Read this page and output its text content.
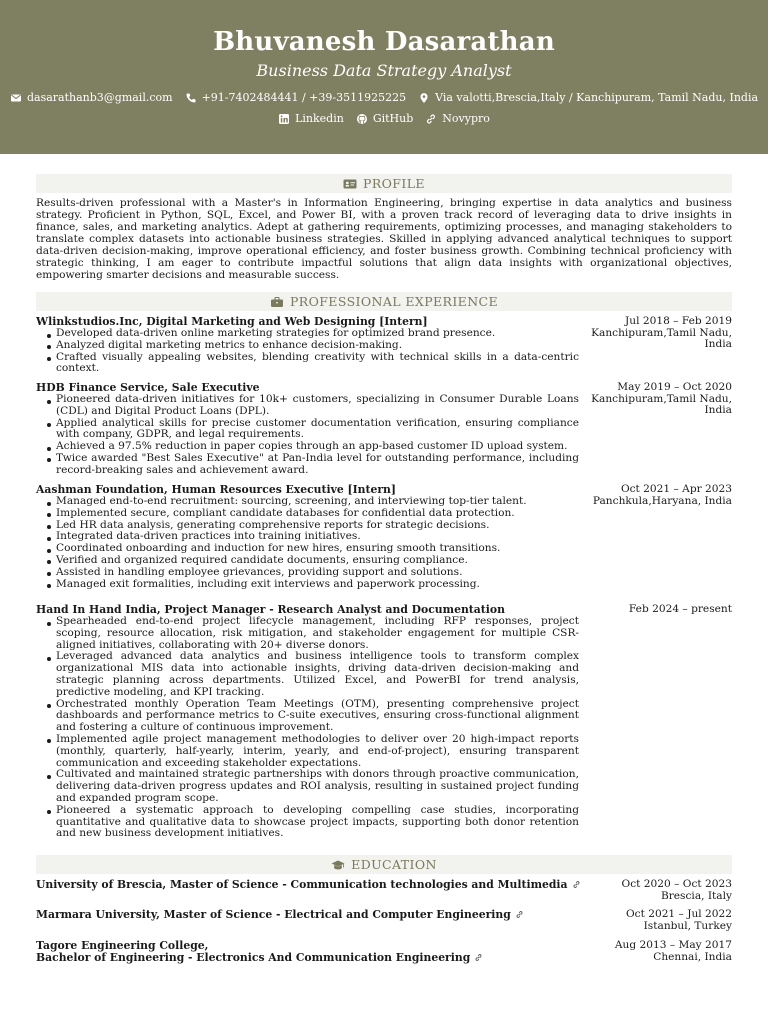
Bhuvanesh Dasarathan
Business Data Strategy Analyst
dasarathanb3@gmail.com	+91-7402484441 / +39-3511925225	Via valotti,Brescia,Italy / Kanchipuram, Tamil Nadu, India
Linkedin	GitHub	Novypro
PROFILE
Results-driven professional with a Master's in Information Engineering, bringing expertise in data analytics and business strategy. Proficient in Python, SQL, Excel, and Power BI, with a proven track record of leveraging data to drive insights in finance, sales, and marketing analytics. Adept at gathering requirements, optimizing processes, and managing stakeholders to translate complex datasets into actionable business strategies. Skilled in applying advanced analytical techniques to support data-driven decision-making, improve operational efficiency, and foster business growth. Combining technical proficiency with strategic thinking, I am eager to contribute impactful solutions that align data insights with organizational objectives, empowering smarter decisions and measurable success.
PROFESSIONAL EXPERIENCE
Wlinkstudios.Inc, Digital Marketing and Web Designing [Intern]	Jul 2018 – Feb 2019
Kanchipuram,Tamil Nadu,
India
Developed data-driven online marketing strategies for optimized brand presence.
Analyzed digital marketing metrics to enhance decision-making.
Crafted visually appealing websites, blending creativity with technical skills in a data-centric context.
HDB Finance Service, Sale Executive	May 2019 – Oct 2020
Kanchipuram,Tamil Nadu,
India
Pioneered data-driven initiatives for 10k+ customers, specializing in Consumer Durable Loans (CDL) and Digital Product Loans (DPL).
Applied analytical skills for precise customer documentation verification, ensuring compliance with company, GDPR, and legal requirements.
Achieved a 97.5% reduction in paper copies through an app-based customer ID upload system.
Twice awarded "Best Sales Executive" at Pan-India level for outstanding performance, including record-breaking sales and achievement award.
Aashman Foundation, Human Resources Executive [Intern]	Oct 2021 – Apr 2023
Panchkula,Haryana, India
Managed end-to-end recruitment: sourcing, screening, and interviewing top-tier talent.
Implemented secure, compliant candidate databases for confidential data protection.
Led HR data analysis, generating comprehensive reports for strategic decisions.
Integrated data-driven practices into training initiatives.
Coordinated onboarding and induction for new hires, ensuring smooth transitions.
Verified and organized required candidate documents, ensuring compliance.
Assisted in handling employee grievances, providing support and solutions.
Managed exit formalities, including exit interviews and paperwork processing.
Hand In Hand India, Project Manager - Research Analyst and Documentation	Feb 2024 – present
Spearheaded end-to-end project lifecycle management, including RFP responses, project scoping, resource allocation, risk mitigation, and stakeholder engagement for multiple CSR-aligned initiatives, collaborating with 20+ diverse donors.
Leveraged advanced data analytics and business intelligence tools to transform complex organizational MIS data into actionable insights, driving data-driven decision-making and strategic planning across departments. Utilized Excel, and PowerBI for trend analysis, predictive modeling, and KPI tracking.
Orchestrated monthly Operation Team Meetings (OTM), presenting comprehensive project dashboards and performance metrics to C-suite executives, ensuring cross-functional alignment and fostering a culture of continuous improvement.
Implemented agile project management methodologies to deliver over 20 high-impact reports (monthly, quarterly, half-yearly, interim, yearly, and end-of-project), ensuring transparent communication and exceeding stakeholder expectations.
Cultivated and maintained strategic partnerships with donors through proactive communication, delivering data-driven progress updates and ROI analysis, resulting in sustained project funding and expanded program scope.
Pioneered a systematic approach to developing compelling case studies, incorporating quantitative and qualitative data to showcase project impacts, supporting both donor retention and new business development initiatives.
EDUCATION
University of Brescia, Master of Science - Communication technologies and Multimedia	Oct 2020 – Oct 2023
Brescia, Italy
Marmara University, Master of Science - Electrical and Computer Engineering	Oct 2021 – Jul 2022
Istanbul, Turkey
Tagore Engineering College,
Bachelor of Engineering - Electronics And Communication Engineering
Aug 2013 – May 2017
Chennai, India
